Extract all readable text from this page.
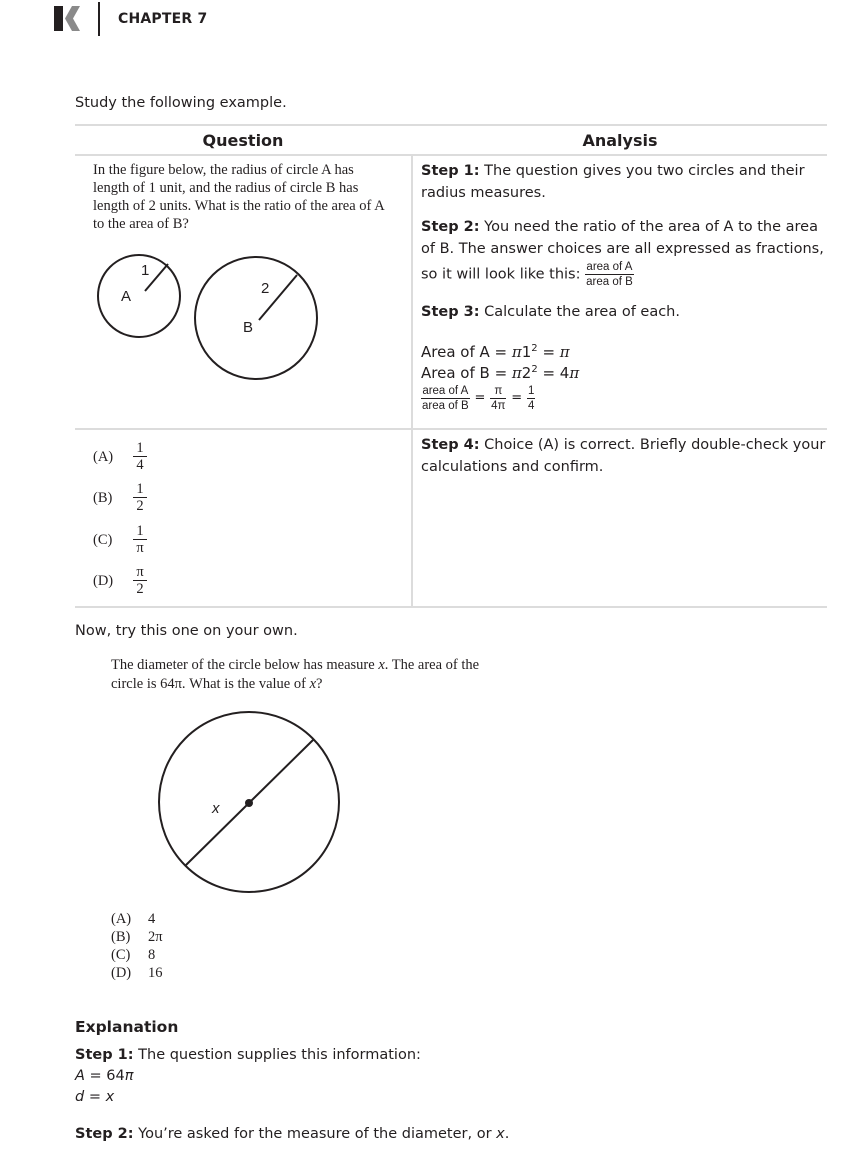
CHAPTER 7
Study the following example.
Question	Analysis
In the figure below, the radius of circle A has length of 1 unit, and the radius of circle B has length of 2 units. What is the ratio of the area of A to the area of B?
A
1
B
2
$(A) \frac{1}{4}$
$(B) \frac{1}{2}$
$(C) \frac{1}{\pi}$
$(D) \frac{\pi}{2}$
Step 1: The question gives you two circles and their radius measures.
Step 2: You need the ratio of the area of A to the area of B. The answer choices are all expressed as fractions, so it will look like this: $\frac{\text{area of A}}{\text{area of B}}$
Step 3: Calculate the area of each.
Area of $A = \pi 1^2 = \pi$
Area of $B = \pi 2^2 = 4\pi$
$\frac{\text{area of A}}{\text{area of B}} = \frac{\pi}{4\pi} = \frac{1}{4}$
Step 4: Choice (A) is correct. Briefly double-check your calculations and confirm.
Now, try this one on your own.
The diameter of the circle below has measure x. The area of the circle is 64π. What is the value of x?
x
(A) 4
(B) 2π
(C) 8
(D) 16
Explanation
Step 1: The question supplies this information:
A = 64π
d = x
Step 2: You’re asked for the measure of the diameter, or x.
